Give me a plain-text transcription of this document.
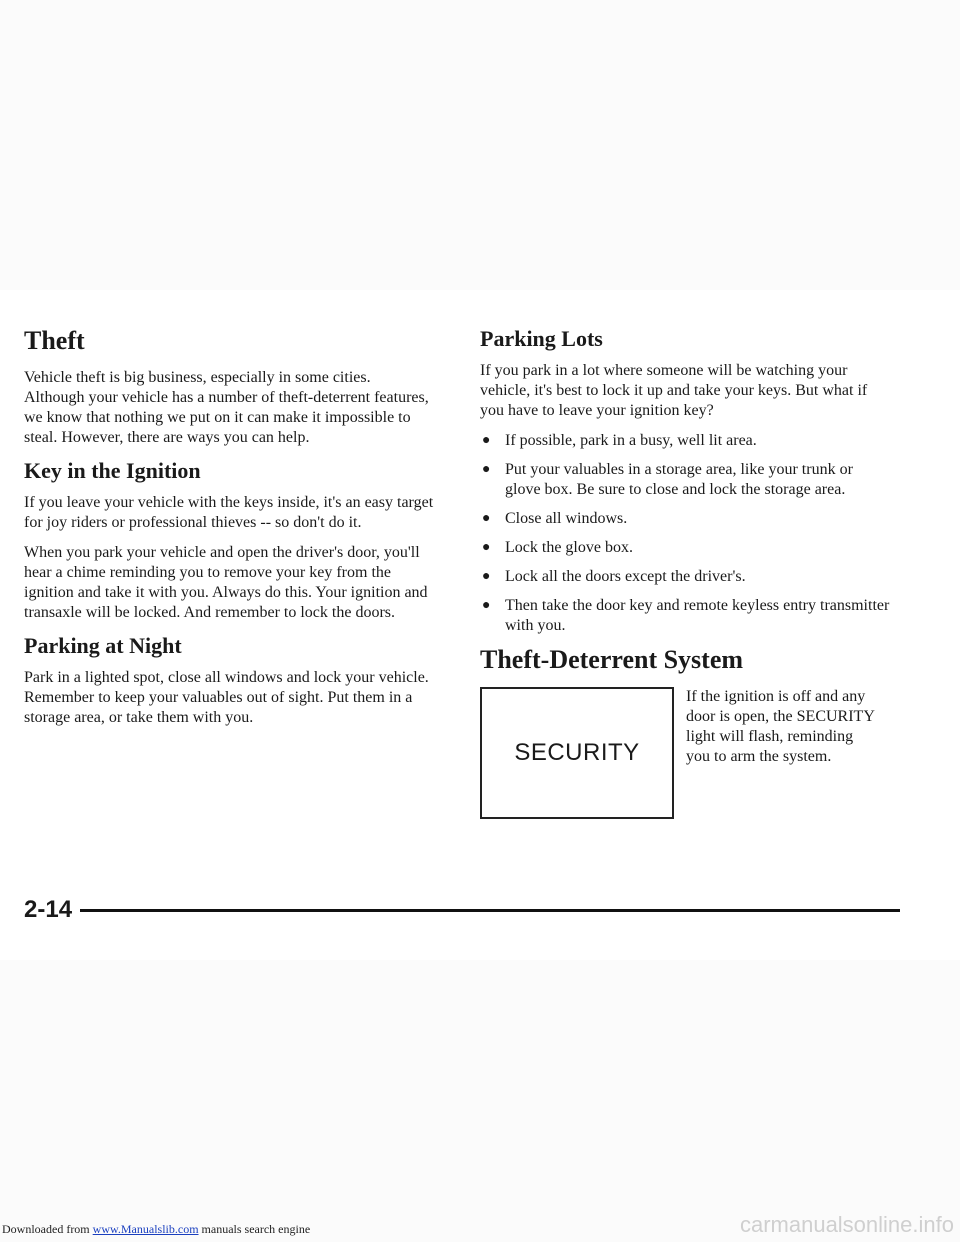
Theft

Vehicle theft is big business, especially in some cities. Although your vehicle has a number of theft-deterrent features, we know that nothing we put on it can make it impossible to steal. However, there are ways you can help.

Key in the Ignition

If you leave your vehicle with the keys inside, it's an easy target for joy riders or professional thieves -- so don't do it.

When you park your vehicle and open the driver's door, you'll hear a chime reminding you to remove your key from the ignition and take it with you. Always do this. Your ignition and transaxle will be locked. And remember to lock the doors.

Parking at Night

Park in a lighted spot, close all windows and lock your vehicle. Remember to keep your valuables out of sight. Put them in a storage area, or take them with you.

Parking Lots

If you park in a lot where someone will be watching your vehicle, it's best to lock it up and take your keys. But what if you have to leave your ignition key?

● If possible, park in a busy, well lit area.
● Put your valuables in a storage area, like your trunk or glove box. Be sure to close and lock the storage area.
● Close all windows.
● Lock the glove box.
● Lock all the doors except the driver's.
● Then take the door key and remote keyless entry transmitter with you.
Theft-Deterrent System
SECURITY
If the ignition is off and any door is open, the SECURITY light will flash, reminding you to arm the system.
2-14
Downloaded from www.Manualslib.com manuals search engine	carmanualsonline.info
